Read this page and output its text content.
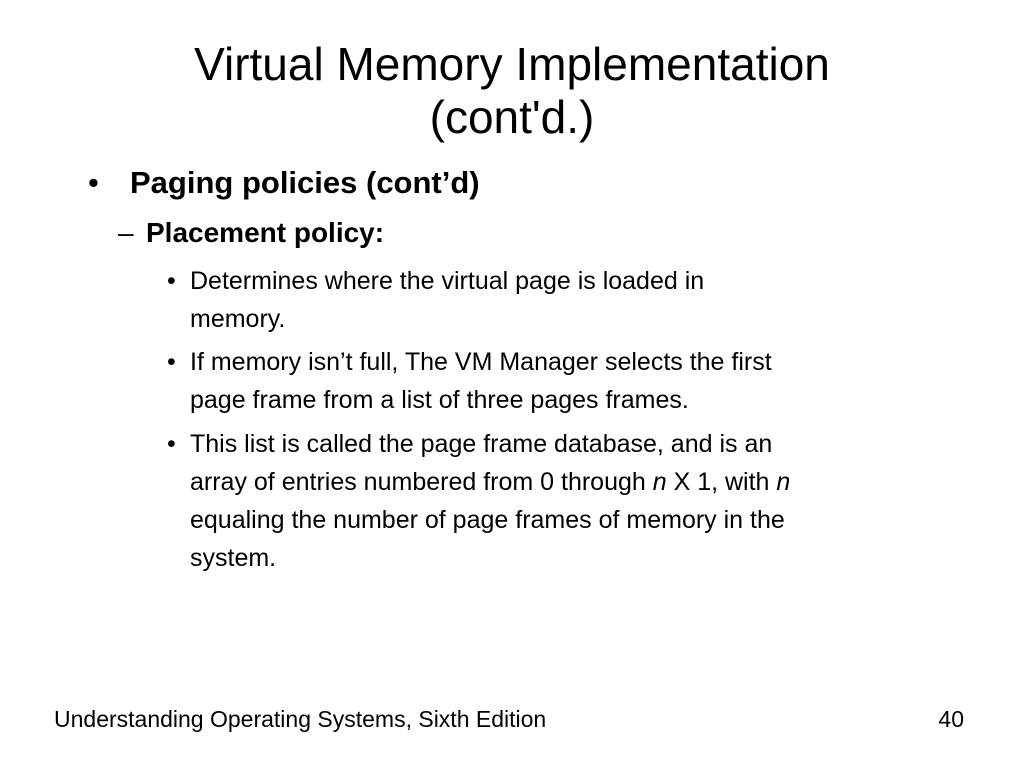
Virtual Memory Implementation
(cont'd.)
• Paging policies (cont’d)
– Placement policy:
• Determines where the virtual page is loaded in
memory.
• If memory isn’t full, The VM Manager selects the first
page frame from a list of three pages frames.
• This list is called the page frame database, and is an
array of entries numbered from 0 through n X 1, with n
equaling the number of page frames of memory in the
system.
Understanding Operating Systems, Sixth Edition	40
